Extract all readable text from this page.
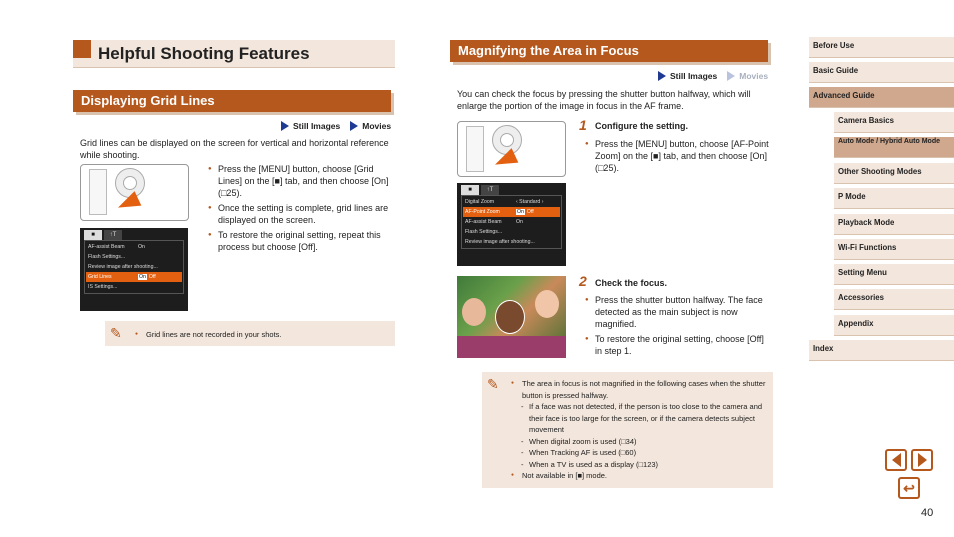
Helpful Shooting Features
Displaying Grid Lines
Still Images	Movies
Grid lines can be displayed on the screen for vertical and horizontal reference while shooting.
■	↑T
AF-assist Beam	On
Flash Settings...
Review image after shooting...
Grid Lines	On Off
IS Settings...
● Press the [MENU] button, choose [Grid Lines] on the [■] tab, and then choose [On] (□25).
● Once the setting is complete, grid lines are displayed on the screen.
● To restore the original setting, repeat this process but choose [Off].
✎	● Grid lines are not recorded in your shots.
Magnifying the Area in Focus
Still Images	Movies
You can check the focus by pressing the shutter button halfway, which will enlarge the portion of the image in focus in the AF frame.
■	↑T
Digital Zoom	‹ Standard ›
AF-Point Zoom	On Off
AF-assist Beam	On
Flash Settings...
Review image after shooting...
1 Configure the setting.
● Press the [MENU] button, choose [AF-Point Zoom] on the [■] tab, and then choose [On] (□25).
2 Check the focus.
● Press the shutter button halfway. The face detected as the main subject is now magnified.
● To restore the original setting, choose [Off] in step 1.
✎	● The area in focus is not magnified in the following cases when the shutter button is pressed halfway.
- If a face was not detected, if the person is too close to the camera and their face is too large for the screen, or if the camera detects subject movement
- When digital zoom is used (□34)
- When Tracking AF is used (□60)
- When a TV is used as a display (□123)
● Not available in [■] mode.
Before Use
Basic Guide
Advanced Guide
Camera Basics
Auto Mode / Hybrid Auto Mode
Other Shooting Modes
P Mode
Playback Mode
Wi-Fi Functions
Setting Menu
Accessories
Appendix
Index
↩
40
